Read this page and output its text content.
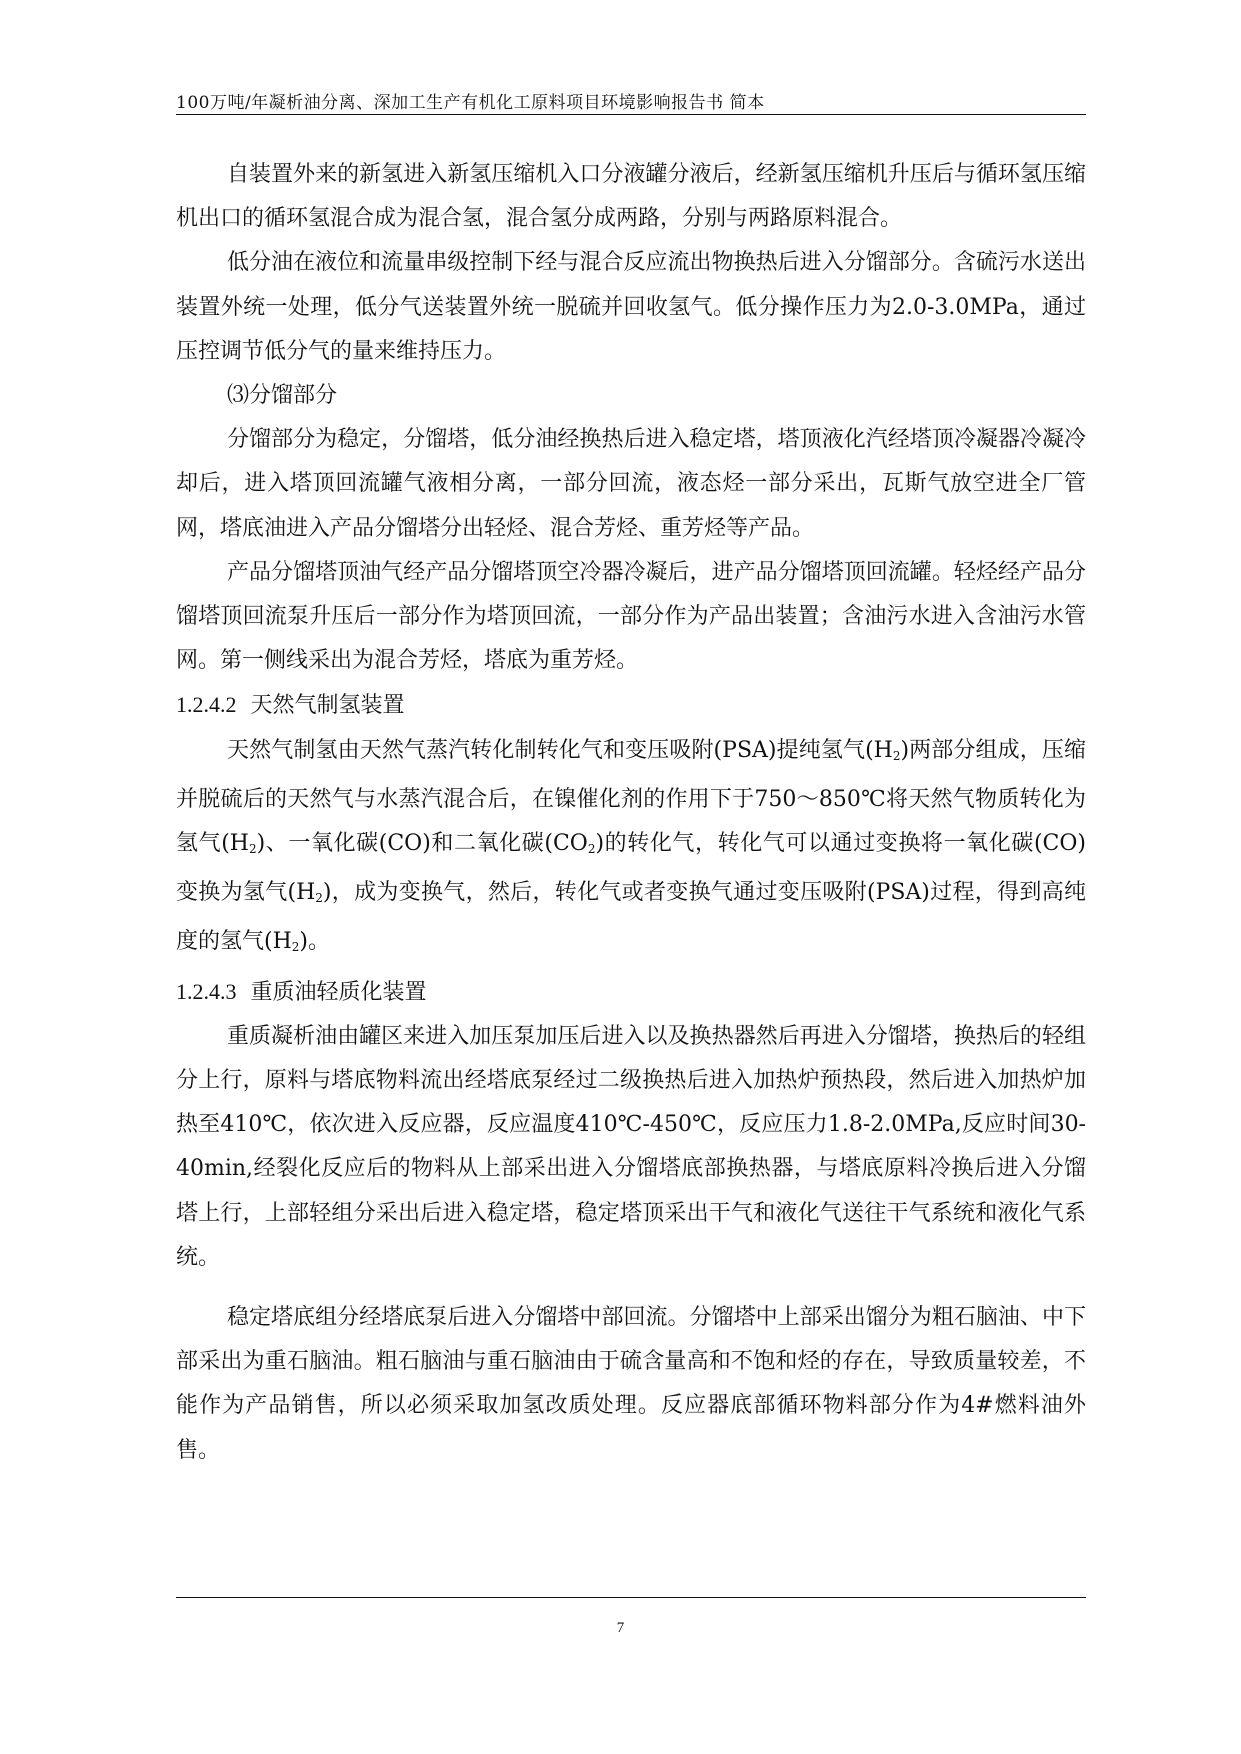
100万吨/年凝析油分离、深加工生产有机化工原料项目环境影响报告书 简本

自装置外来的新氢进入新氢压缩机入口分液罐分液后，经新氢压缩机升压后与循环氢压缩机出口的循环氢混合成为混合氢，混合氢分成两路，分别与两路原料混合。

低分油在液位和流量串级控制下经与混合反应流出物换热后进入分馏部分。含硫污水送出装置外统一处理，低分气送装置外统一脱硫并回收氢气。低分操作压力为2.0-3.0MPa，通过压控调节低分气的量来维持压力。

⑶分馏部分

分馏部分为稳定，分馏塔，低分油经换热后进入稳定塔，塔顶液化汽经塔顶冷凝器冷凝冷却后，进入塔顶回流罐气液相分离，一部分回流，液态烃一部分采出，瓦斯气放空进全厂管网，塔底油进入产品分馏塔分出轻烃、混合芳烃、重芳烃等产品。

产品分馏塔顶油气经产品分馏塔顶空冷器冷凝后，进产品分馏塔顶回流罐。轻烃经产品分馏塔顶回流泵升压后一部分作为塔顶回流，一部分作为产品出装置；含油污水进入含油污水管网。第一侧线采出为混合芳烃，塔底为重芳烃。

1.2.4.2 天然气制氢装置

天然气制氢由天然气蒸汽转化制转化气和变压吸附(PSA)提纯氢气$(H_2)$两部分组成，压缩并脱硫后的天然气与水蒸汽混合后，在镍催化剂的作用下于750～850℃将天然气物质转化为氢气$(H_2)$、一氧化碳(CO)和二氧化碳$(CO_2)$的转化气，转化气可以通过变换将一氧化碳(CO)变换为氢气$(H_2)$，成为变换气，然后，转化气或者变换气通过变压吸附(PSA)过程，得到高纯度的氢气$(H_2)$。

1.2.4.3 重质油轻质化装置

重质凝析油由罐区来进入加压泵加压后进入以及换热器然后再进入分馏塔，换热后的轻组分上行，原料与塔底物料流出经塔底泵经过二级换热后进入加热炉预热段，然后进入加热炉加热至410℃，依次进入反应器，反应温度410℃-450℃，反应压力1.8-2.0MPa,反应时间30-40min,经裂化反应后的物料从上部采出进入分馏塔底部换热器，与塔底原料冷换后进入分馏塔上行，上部轻组分采出后进入稳定塔，稳定塔顶采出干气和液化气送往干气系统和液化气系统。

稳定塔底组分经塔底泵后进入分馏塔中部回流。分馏塔中上部采出馏分为粗石脑油、中下部采出为重石脑油。粗石脑油与重石脑油由于硫含量高和不饱和烃的存在，导致质量较差，不能作为产品销售，所以必须采取加氢改质处理。反应器底部循环物料部分作为4#燃料油外售。

7
